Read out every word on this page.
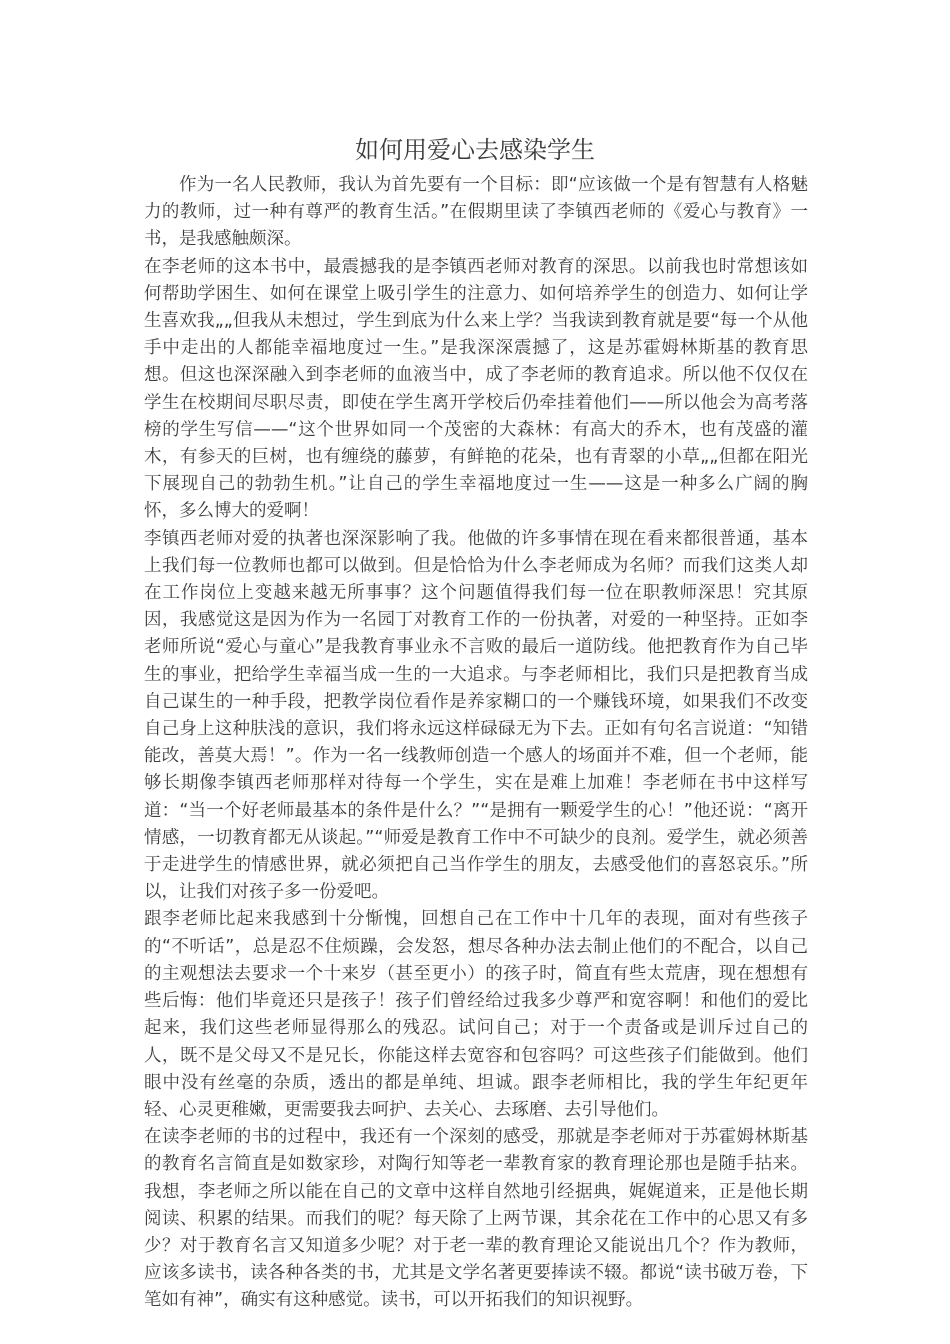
如何用爱心去感染学生

作为一名人民教师，我认为首先要有一个目标：即“应该做一个是有智慧有人格魅力的教师，过一种有尊严的教育生活。”在假期里读了李镇西老师的《爱心与教育》一书，是我感触颇深。

在李老师的这本书中，最震撼我的是李镇西老师对教育的深思。以前我也时常想该如何帮助学困生、如何在课堂上吸引学生的注意力、如何培养学生的创造力、如何让学生喜欢我„„但我从未想过，学生到底为什么来上学？当我读到教育就是要“每一个从他手中走出的人都能幸福地度过一生。”是我深深震撼了，这是苏霍姆林斯基的教育思想。但这也深深融入到李老师的血液当中，成了李老师的教育追求。所以他不仅仅在学生在校期间尽职尽责，即使在学生离开学校后仍牵挂着他们——所以他会为高考落榜的学生写信——“这个世界如同一个茂密的大森林：有高大的乔木，也有茂盛的灌木，有参天的巨树，也有缠绕的藤萝，有鲜艳的花朵，也有青翠的小草„„但都在阳光下展现自己的勃勃生机。”让自己的学生幸福地度过一生——这是一种多么广阔的胸怀，多么博大的爱啊！

李镇西老师对爱的执著也深深影响了我。他做的许多事情在现在看来都很普通，基本上我们每一位教师也都可以做到。但是恰恰为什么李老师成为名师？而我们这类人却在工作岗位上变越来越无所事事？这个问题值得我们每一位在职教师深思！究其原因，我感觉这是因为作为一名园丁对教育工作的一份执著，对爱的一种坚持。正如李老师所说“爱心与童心”是我教育事业永不言败的最后一道防线。他把教育作为自己毕生的事业，把给学生幸福当成一生的一大追求。与李老师相比，我们只是把教育当成自己谋生的一种手段，把教学岗位看作是养家糊口的一个赚钱环境，如果我们不改变自己身上这种肤浅的意识，我们将永远这样碌碌无为下去。正如有句名言说道：“知错能改，善莫大焉！”。作为一名一线教师创造一个感人的场面并不难，但一个老师，能够长期像李镇西老师那样对待每一个学生，实在是难上加难！李老师在书中这样写道：“当一个好老师最基本的条件是什么？”“是拥有一颗爱学生的心！”他还说：“离开情感，一切教育都无从谈起。”“师爱是教育工作中不可缺少的良剂。爱学生，就必须善于走进学生的情感世界，就必须把自己当作学生的朋友，去感受他们的喜怒哀乐。”所以，让我们对孩子多一份爱吧。

跟李老师比起来我感到十分惭愧，回想自己在工作中十几年的表现，面对有些孩子的“不听话”，总是忍不住烦躁，会发怒，想尽各种办法去制止他们的不配合，以自己的主观想法去要求一个十来岁（甚至更小）的孩子时，简直有些太荒唐，现在想想有些后悔：他们毕竟还只是孩子！孩子们曾经给过我多少尊严和宽容啊！和他们的爱比起来，我们这些老师显得那么的残忍。试问自己；对于一个责备或是训斥过自己的人，既不是父母又不是兄长，你能这样去宽容和包容吗？可这些孩子们能做到。他们眼中没有丝毫的杂质，透出的都是单纯、坦诚。跟李老师相比，我的学生年纪更年轻、心灵更稚嫩，更需要我去呵护、去关心、去琢磨、去引导他们。

在读李老师的书的过程中，我还有一个深刻的感受，那就是李老师对于苏霍姆林斯基的教育名言简直是如数家珍，对陶行知等老一辈教育家的教育理论那也是随手拈来。我想，李老师之所以能在自己的文章中这样自然地引经据典，娓娓道来，正是他长期阅读、积累的结果。而我们的呢？每天除了上两节课，其余花在工作中的心思又有多少？对于教育名言又知道多少呢？对于老一辈的教育理论又能说出几个？作为教师，应该多读书，读各种各类的书，尤其是文学名著更要捧读不辍。都说“读书破万卷，下笔如有神”，确实有这种感觉。读书，可以开拓我们的知识视野。
